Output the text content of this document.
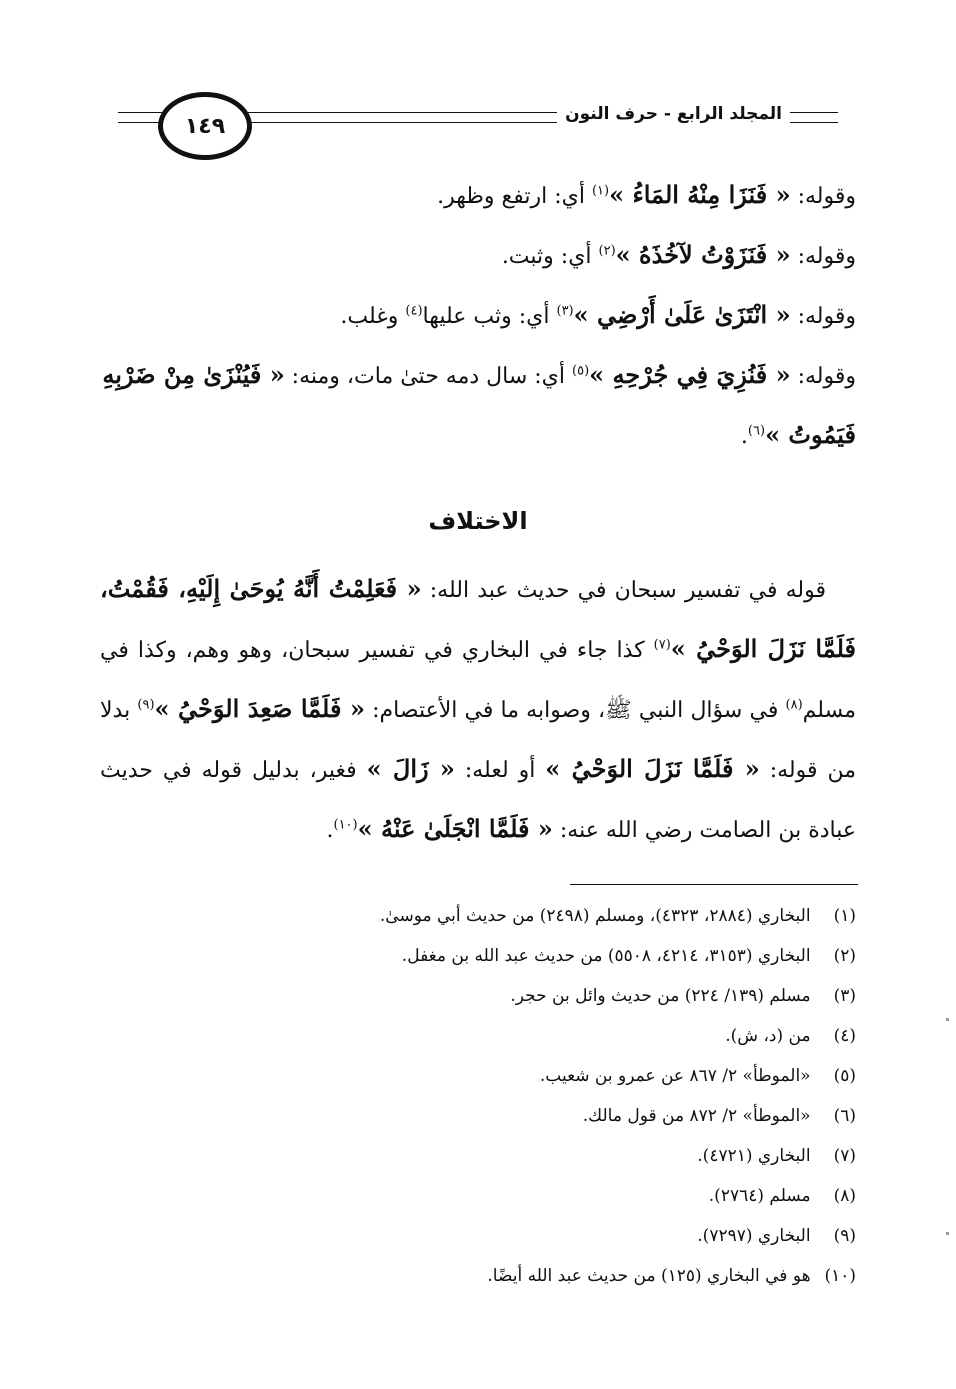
١٤٩	المجلد الرابع - حرف النون

وقوله: « فَنَزَا مِنْهُ المَاءُ »$^{(١)}$ أي: ارتفع وظهر.

وقوله: « فَنَزَوْتُ لآخُذَهُ »$^{(٢)}$ أي: وثبت.

وقوله: « انْتَزَىٰ عَلَىٰ أَرْضِي »$^{(٣)}$ أي: وثب عليها$^{(٤)}$ وغلب.

وقوله: « فَنُزِيَ فِي جُرْحِهِ »$^{(٥)}$ أي: سال دمه حتىٰ مات، ومنه: « فَيُنْزَىٰ مِنْ ضَرْبِهِ فَيَمُوتُ »$^{(٦)}$.

الاختلاف

قوله في تفسير سبحان في حديث عبد الله: « فَعَلِمْتُ أَنَّهُ يُوحَىٰ إِلَيْهِ، فَقُمْتُ، فَلَمَّا نَزَلَ الوَحْيُ »$^{(٧)}$ كذا جاء في البخاري في تفسير سبحان، وهو وهم، وكذا في مسلم$^{(٨)}$ في سؤال النبي ﷺ، وصوابه ما في الأعتصام: « فَلَمَّا صَعِدَ الوَحْيُ »$^{(٩)}$ بدلا من قوله: « فَلَمَّا نَزَلَ الوَحْيُ » أو لعله: « زَالَ » فغير، بدليل قوله في حديث عبادة بن الصامت رضي الله عنه: « فَلَمَّا انْجَلَىٰ عَنْهُ »$^{(١٠)}$.

(١) البخاري (٢٨٨٤، ٤٣٢٣)، ومسلم (٢٤٩٨) من حديث أبي موسىٰ.
(٢) البخاري (٣١٥٣، ٤٢١٤، ٥٥٠٨) من حديث عبد الله بن مغفل.
(٣) مسلم (١٣٩/ ٢٢٤) من حديث وائل بن حجر.
(٤) من (د، ش).
(٥) «الموطأ» ٢/ ٨٦٧ عن عمرو بن شعيب.
(٦) «الموطأ» ٢/ ٨٧٢ من قول مالك.
(٧) البخاري (٤٧٢١).
(٨) مسلم (٢٧٦٤).
(٩) البخاري (٧٢٩٧).
(١٠) هو في البخاري (١٢٥) من حديث عبد الله أيضًا.
